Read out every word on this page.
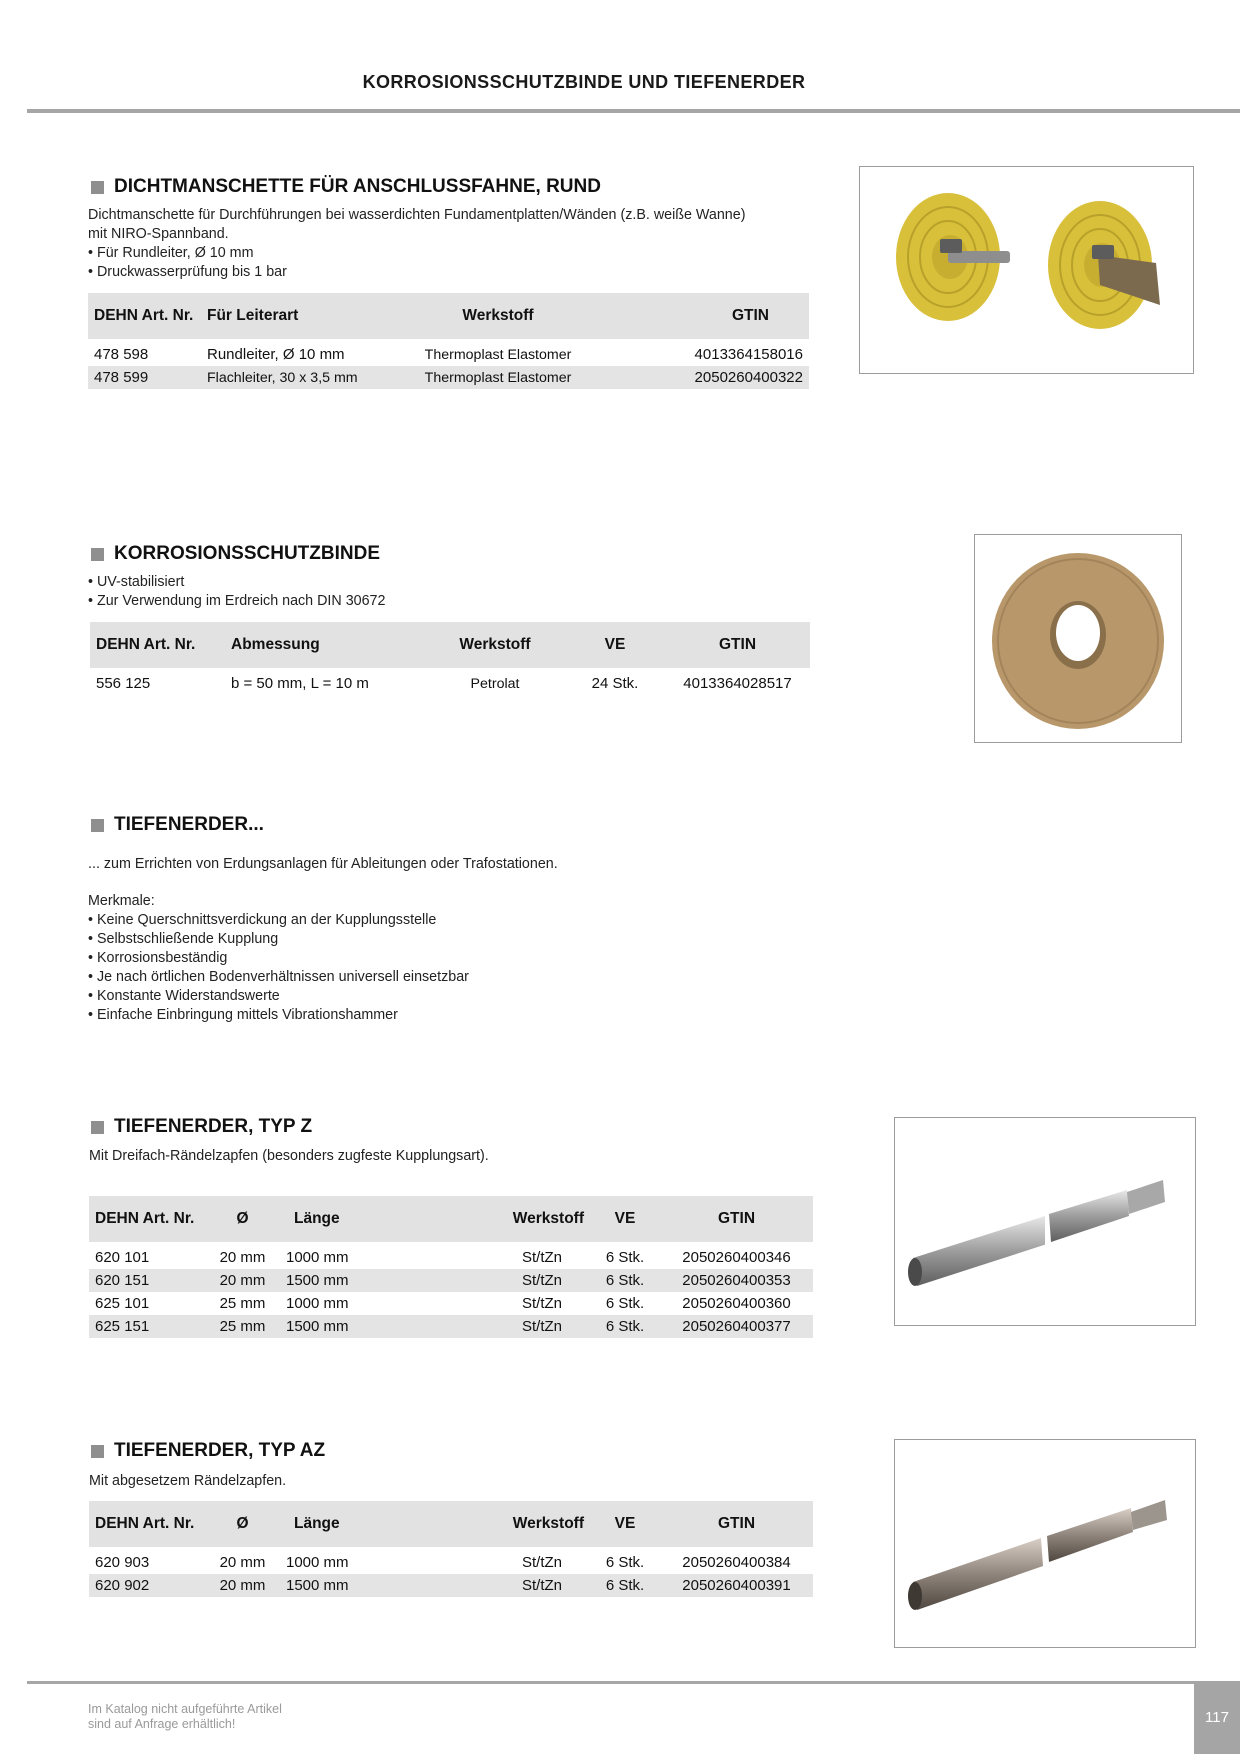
KORROSIONSSCHUTZBINDE UND TIEFENERDER
DICHTMANSCHETTE FÜR ANSCHLUSSFAHNE, RUND
Dichtmanschette für Durchführungen bei wasserdichten Fundamentplatten/Wänden (z.B. weiße Wanne)
mit NIRO-Spannband.
• Für Rundleiter, Ø 10 mm
• Druckwasserprüfung bis 1 bar
DEHN Art. Nr.	Für Leiterart	Werkstoff	GTIN
478 598	Rundleiter, Ø 10 mm	Thermoplast Elastomer	4013364158016
478 599	Flachleiter, 30 x 3,5 mm	Thermoplast Elastomer	2050260400322
KORROSIONSSCHUTZBINDE
• UV-stabilisiert
• Zur Verwendung im Erdreich nach DIN 30672
DEHN Art. Nr.	Abmessung	Werkstoff	VE	GTIN
556 125	b = 50 mm, L = 10 m	Petrolat	24 Stk.	4013364028517
TIEFENERDER...
... zum Errichten von Erdungsanlagen für Ableitungen oder Trafostationen.
Merkmale:
• Keine Querschnittsverdickung an der Kupplungsstelle
• Selbstschließende Kupplung
• Korrosionsbeständig
• Je nach örtlichen Bodenverhältnissen universell einsetzbar
• Konstante Widerstandswerte
• Einfache Einbringung mittels Vibrationshammer
TIEFENERDER, TYP Z
Mit Dreifach-Rändelzapfen (besonders zugfeste Kupplungsart).
DEHN Art. Nr.	Ø	Länge	Werkstoff	VE	GTIN
620 101	20 mm	1000 mm	St/tZn	6 Stk.	2050260400346
620 151	20 mm	1500 mm	St/tZn	6 Stk.	2050260400353
625 101	25 mm	1000 mm	St/tZn	6 Stk.	2050260400360
625 151	25 mm	1500 mm	St/tZn	6 Stk.	2050260400377
TIEFENERDER, TYP AZ
Mit abgesetzem Rändelzapfen.
DEHN Art. Nr.	Ø	Länge	Werkstoff	VE	GTIN
620 903	20 mm	1000 mm	St/tZn	6 Stk.	2050260400384
620 902	20 mm	1500 mm	St/tZn	6 Stk.	2050260400391
Im Katalog nicht aufgeführte Artikel
sind auf Anfrage erhältlich!	117
